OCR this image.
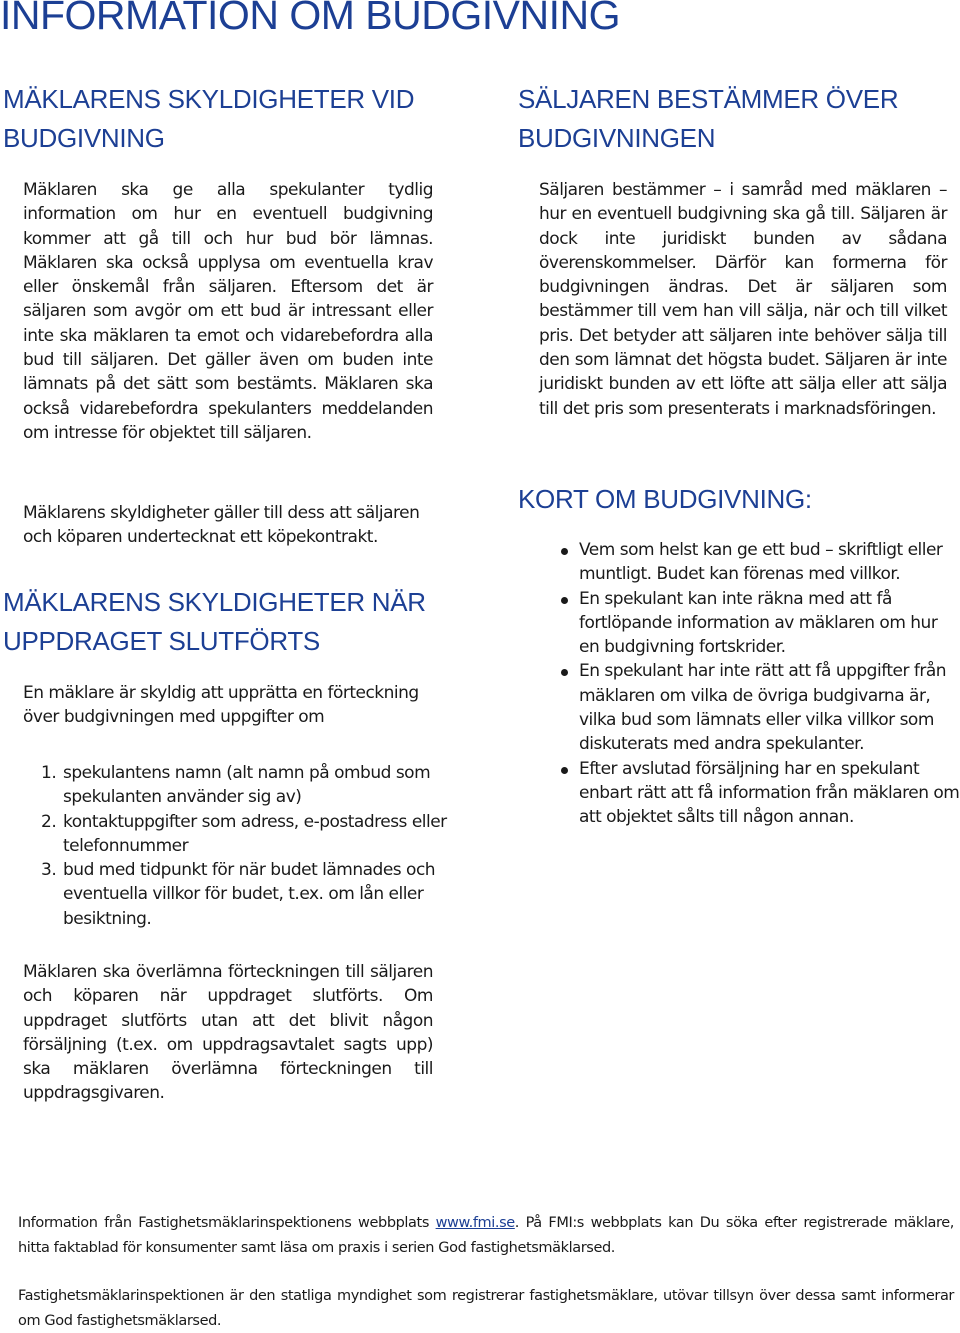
INFORMATION OM BUDGIVNING
MÄKLARENS SKYLDIGHETER VID
BUDGIVNING

Mäklaren ska ge alla spekulanter tydlig information om hur en eventuell budgivning kommer att gå till och hur bud bör lämnas. Mäklaren ska också upplysa om eventuella krav eller önskemål från säljaren. Eftersom det är säljaren som avgör om ett bud är intressant eller inte ska mäklaren ta emot och vidarebefordra alla bud till säljaren. Det gäller även om buden inte lämnats på det sätt som bestämts. Mäklaren ska också vidarebefordra spekulanters meddelanden om intresse för objektet till säljaren.

Mäklarens skyldigheter gäller till dess att säljaren och köparen undertecknat ett köpekontrakt.

MÄKLARENS SKYLDIGHETER NÄR
UPPDRAGET SLUTFÖRTS

En mäklare är skyldig att upprätta en förteckning över budgivningen med uppgifter om

1. spekulantens namn (alt namn på ombud som spekulanten använder sig av)
2. kontaktuppgifter som adress, e-postadress eller telefonnummer
3. bud med tidpunkt för när budet lämnades och eventuella villkor för budet, t.ex. om lån eller besiktning.

Mäklaren ska överlämna förteckningen till säljaren och köparen när uppdraget slutförts. Om uppdraget slutförts utan att det blivit någon försäljning (t.ex. om uppdragsavtalet sagts upp) ska mäklaren överlämna förteckningen till uppdragsgivaren.

SÄLJAREN BESTÄMMER ÖVER
BUDGIVNINGEN

Säljaren bestämmer – i samråd med mäklaren – hur en eventuell budgivning ska gå till. Säljaren är dock inte juridiskt bunden av sådana överenskommelser. Därför kan formerna för budgivningen ändras. Det är säljaren som bestämmer till vem han vill sälja, när och till vilket pris. Det betyder att säljaren inte behöver sälja till den som lämnat det högsta budet. Säljaren är inte juridiskt bunden av ett löfte att sälja eller att sälja till det pris som presenterats i marknadsföringen.

KORT OM BUDGIVNING:
Vem som helst kan ge ett bud – skriftligt eller muntligt. Budet kan förenas med villkor.
En spekulant kan inte räkna med att få fortlöpande information av mäklaren om hur en budgivning fortskrider.
En spekulant har inte rätt att få uppgifter från mäklaren om vilka de övriga budgivarna är, vilka bud som lämnats eller vilka villkor som diskuterats med andra spekulanter.
Efter avslutad försäljning har en spekulant enbart rätt att få information från mäklaren om att objektet sålts till någon annan.

Information från Fastighetsmäklarinspektionens webbplats www.fmi.se. På FMI:s webbplats kan Du söka efter registrerade mäklare, hitta faktablad för konsumenter samt läsa om praxis i serien God fastighetsmäklarsed.

Fastighetsmäklarinspektionen är den statliga myndighet som registrerar fastighetsmäklare, utövar tillsyn över dessa samt informerar om God fastighetsmäklarsed.
